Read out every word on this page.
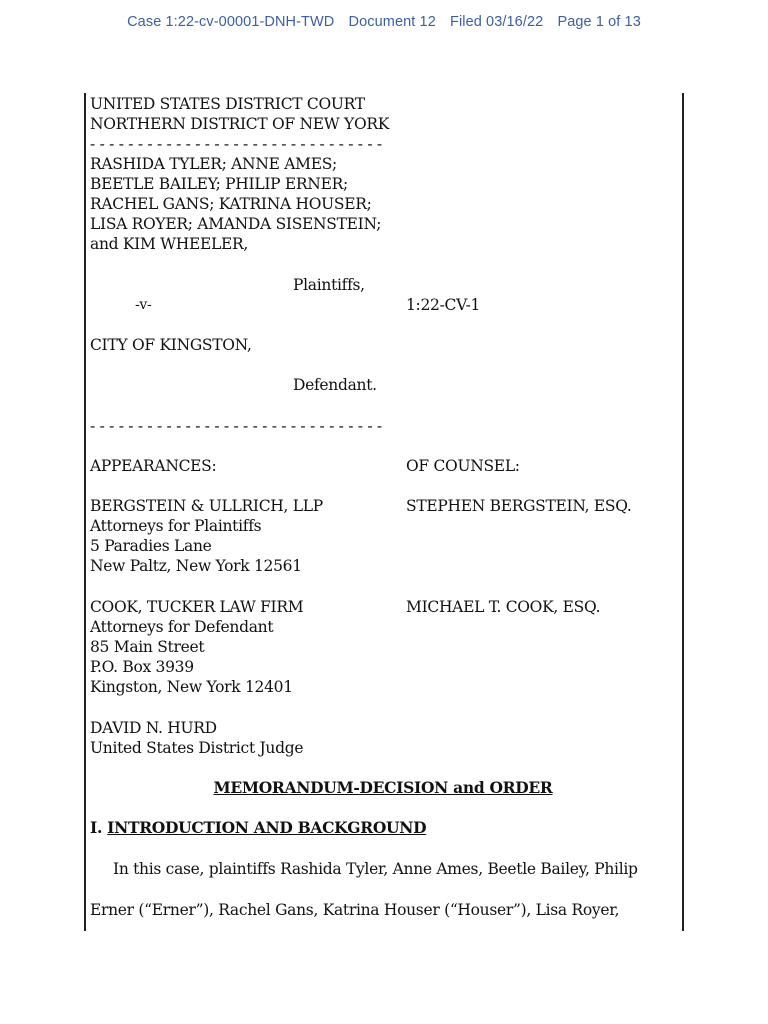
Case 1:22-cv-00001-DNH-TWD Document 12 Filed 03/16/22 Page 1 of 13
UNITED STATES DISTRICT COURT
NORTHERN DISTRICT OF NEW YORK
- - - - - - - - - - - - - - - - - - - - - - - - - - - - - - -
RASHIDA TYLER; ANNE AMES;
BEETLE BAILEY; PHILIP ERNER;
RACHEL GANS; KATRINA HOUSER;
LISA ROYER; AMANDA SISENSTEIN;
and KIM WHEELER,
Plaintiffs,
-v-	1:22-CV-1
CITY OF KINGSTON,
Defendant.
- - - - - - - - - - - - - - - - - - - - - - - - - - - - - - -
APPEARANCES:	OF COUNSEL:
BERGSTEIN & ULLRICH, LLP	STEPHEN BERGSTEIN, ESQ.
Attorneys for Plaintiffs
5 Paradies Lane
New Paltz, New York 12561
COOK, TUCKER LAW FIRM	MICHAEL T. COOK, ESQ.
Attorneys for Defendant
85 Main Street
P.O. Box 3939
Kingston, New York 12401
DAVID N. HURD
United States District Judge
MEMORANDUM-DECISION and ORDER
I. INTRODUCTION AND BACKGROUND
In this case, plaintiffs Rashida Tyler, Anne Ames, Beetle Bailey, Philip
Erner (“Erner”), Rachel Gans, Katrina Houser (“Houser”), Lisa Royer,
